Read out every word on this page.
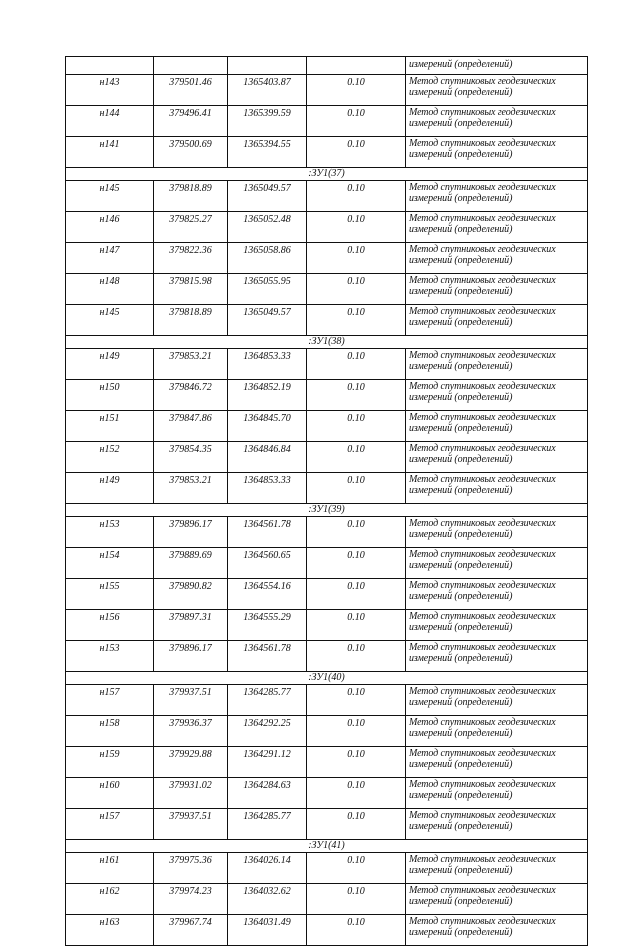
				измерений (определений)
н143	379501.46	1365403.87	0.10	Метод спутниковых геодезических измерений (определений)
н144	379496.41	1365399.59	0.10	Метод спутниковых геодезических измерений (определений)
н141	379500.69	1365394.55	0.10	Метод спутниковых геодезических измерений (определений)
:ЗУ1(37)				
н145	379818.89	1365049.57	0.10	Метод спутниковых геодезических измерений (определений)
н146	379825.27	1365052.48	0.10	Метод спутниковых геодезических измерений (определений)
н147	379822.36	1365058.86	0.10	Метод спутниковых геодезических измерений (определений)
н148	379815.98	1365055.95	0.10	Метод спутниковых геодезических измерений (определений)
н145	379818.89	1365049.57	0.10	Метод спутниковых геодезических измерений (определений)
:ЗУ1(38)				
н149	379853.21	1364853.33	0.10	Метод спутниковых геодезических измерений (определений)
н150	379846.72	1364852.19	0.10	Метод спутниковых геодезических измерений (определений)
н151	379847.86	1364845.70	0.10	Метод спутниковых геодезических измерений (определений)
н152	379854.35	1364846.84	0.10	Метод спутниковых геодезических измерений (определений)
н149	379853.21	1364853.33	0.10	Метод спутниковых геодезических измерений (определений)
:ЗУ1(39)				
н153	379896.17	1364561.78	0.10	Метод спутниковых геодезических измерений (определений)
н154	379889.69	1364560.65	0.10	Метод спутниковых геодезических измерений (определений)
н155	379890.82	1364554.16	0.10	Метод спутниковых геодезических измерений (определений)
н156	379897.31	1364555.29	0.10	Метод спутниковых геодезических измерений (определений)
н153	379896.17	1364561.78	0.10	Метод спутниковых геодезических измерений (определений)
:ЗУ1(40)				
н157	379937.51	1364285.77	0.10	Метод спутниковых геодезических измерений (определений)
н158	379936.37	1364292.25	0.10	Метод спутниковых геодезических измерений (определений)
н159	379929.88	1364291.12	0.10	Метод спутниковых геодезических измерений (определений)
н160	379931.02	1364284.63	0.10	Метод спутниковых геодезических измерений (определений)
н157	379937.51	1364285.77	0.10	Метод спутниковых геодезических измерений (определений)
:ЗУ1(41)				
н161	379975.36	1364026.14	0.10	Метод спутниковых геодезических измерений (определений)
н162	379974.23	1364032.62	0.10	Метод спутниковых геодезических измерений (определений)
н163	379967.74	1364031.49	0.10	Метод спутниковых геодезических измерений (определений)
